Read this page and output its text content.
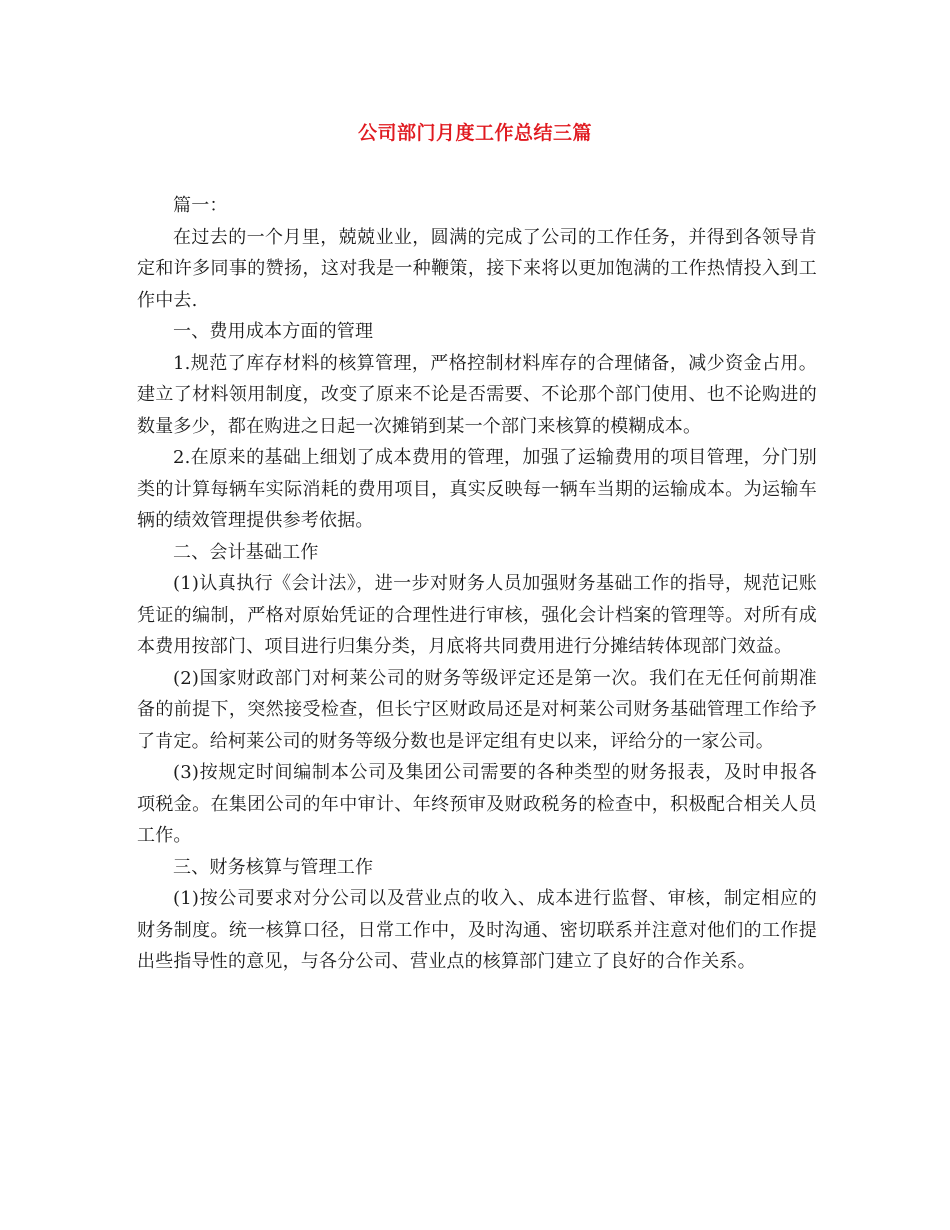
公司部门月度工作总结三篇

篇一：

在过去的一个月里，兢兢业业，圆满的完成了公司的工作任务，并得到各领导肯定和许多同事的赞扬，这对我是一种鞭策，接下来将以更加饱满的工作热情投入到工作中去.

一、费用成本方面的管理

1.规范了库存材料的核算管理，严格控制材料库存的合理储备，减少资金占用。建立了材料领用制度，改变了原来不论是否需要、不论那个部门使用、也不论购进的数量多少，都在购进之日起一次摊销到某一个部门来核算的模糊成本。

2.在原来的基础上细划了成本费用的管理，加强了运输费用的项目管理，分门别类的计算每辆车实际消耗的费用项目，真实反映每一辆车当期的运输成本。为运输车辆的绩效管理提供参考依据。

二、会计基础工作

(1)认真执行《会计法》，进一步对财务人员加强财务基础工作的指导，规范记账凭证的编制，严格对原始凭证的合理性进行审核，强化会计档案的管理等。对所有成本费用按部门、项目进行归集分类，月底将共同费用进行分摊结转体现部门效益。

(2)国家财政部门对柯莱公司的财务等级评定还是第一次。我们在无任何前期准备的前提下，突然接受检查，但长宁区财政局还是对柯莱公司财务基础管理工作给予了肯定。给柯莱公司的财务等级分数也是评定组有史以来，评给分的一家公司。

(3)按规定时间编制本公司及集团公司需要的各种类型的财务报表，及时申报各项税金。在集团公司的年中审计、年终预审及财政税务的检查中，积极配合相关人员工作。

三、财务核算与管理工作

(1)按公司要求对分公司以及营业点的收入、成本进行监督、审核，制定相应的财务制度。统一核算口径，日常工作中，及时沟通、密切联系并注意对他们的工作提出些指导性的意见，与各分公司、营业点的核算部门建立了良好的合作关系。
